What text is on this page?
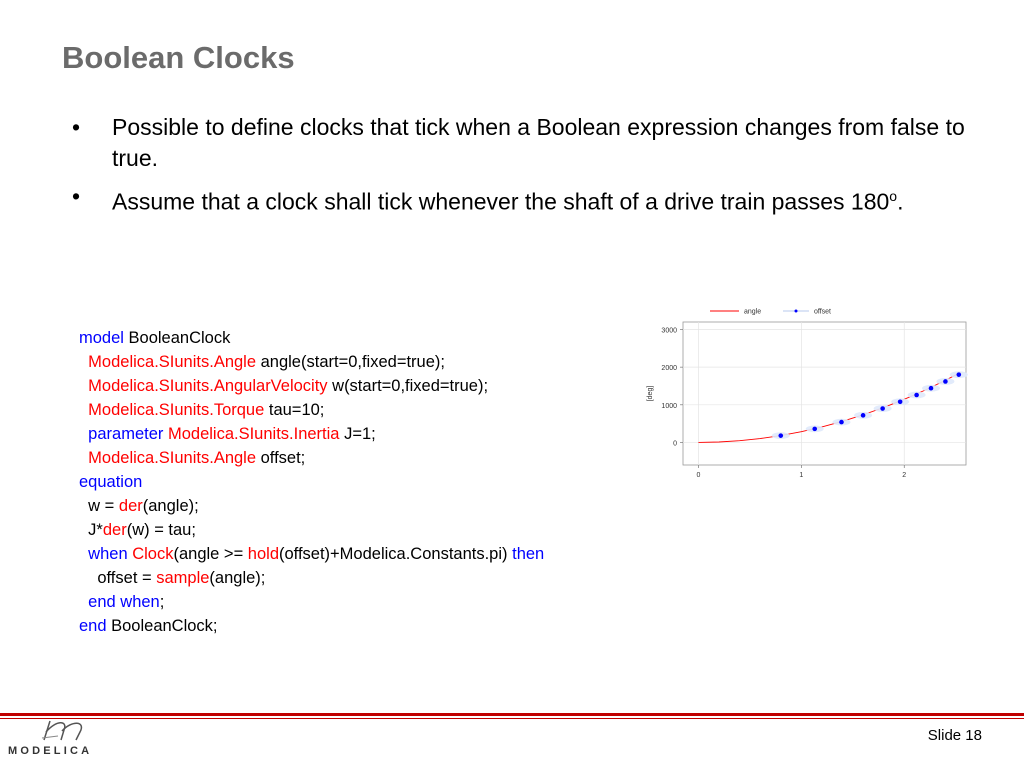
Boolean Clocks
• Possible to define clocks that tick when a Boolean expression changes from false to true.
• Assume that a clock shall tick whenever the shaft of a drive train passes 180$^o$.
model BooleanClock
Modelica.SIunits.Angle angle(start=0,fixed=true);
Modelica.SIunits.AngularVelocity w(start=0,fixed=true);
Modelica.SIunits.Torque tau=10;
parameter Modelica.SIunits.Inertia J=1;
Modelica.SIunits.Angle offset;
equation
w = der(angle);
J*der(w) = tau;
when Clock(angle >= hold(offset)+Modelica.Constants.pi) then
offset = sample(angle);
end when;
end BooleanClock;
0
1000
2000
3000
0	1	2
[deg]
angle	offset
MODELICA
Slide 18
